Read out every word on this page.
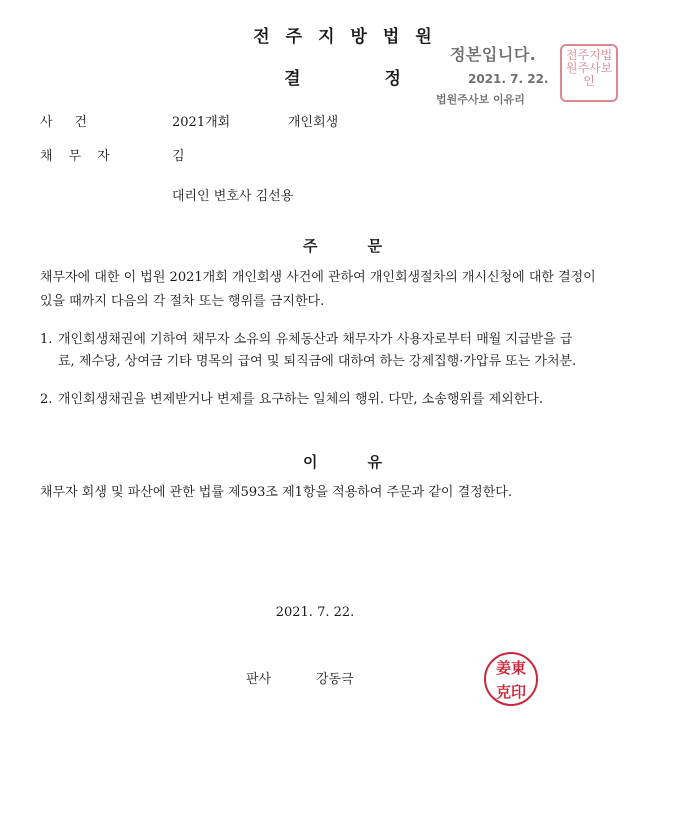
전주지방법원
결정
정본입니다.
2021. 7. 22.
법원주사보 이유리
전주지법원주사보인
사건	2021개회	개인회생
채무자	김
대리인 변호사 김선용
주문
채무자에 대한 이 법원 2021개회 개인회생 사건에 관하여 개인회생절차의 개시신청에 대한 결정이 있을 때까지 다음의 각 절차 또는 행위를 금지한다.
1. 개인회생채권에 기하여 채무자 소유의 유체동산과 채무자가 사용자로부터 매월 지급받을 급료, 제수당, 상여금 기타 명목의 급여 및 퇴직금에 대하여 하는 강제집행·가압류 또는 가처분.
2. 개인회생채권을 변제받거나 변제를 요구하는 일체의 행위. 다만, 소송행위를 제외한다.
이유
채무자 회생 및 파산에 관한 법률 제593조 제1항을 적용하여 주문과 같이 결정한다.
2021. 7. 22.
판사	강동극
姜東克印
